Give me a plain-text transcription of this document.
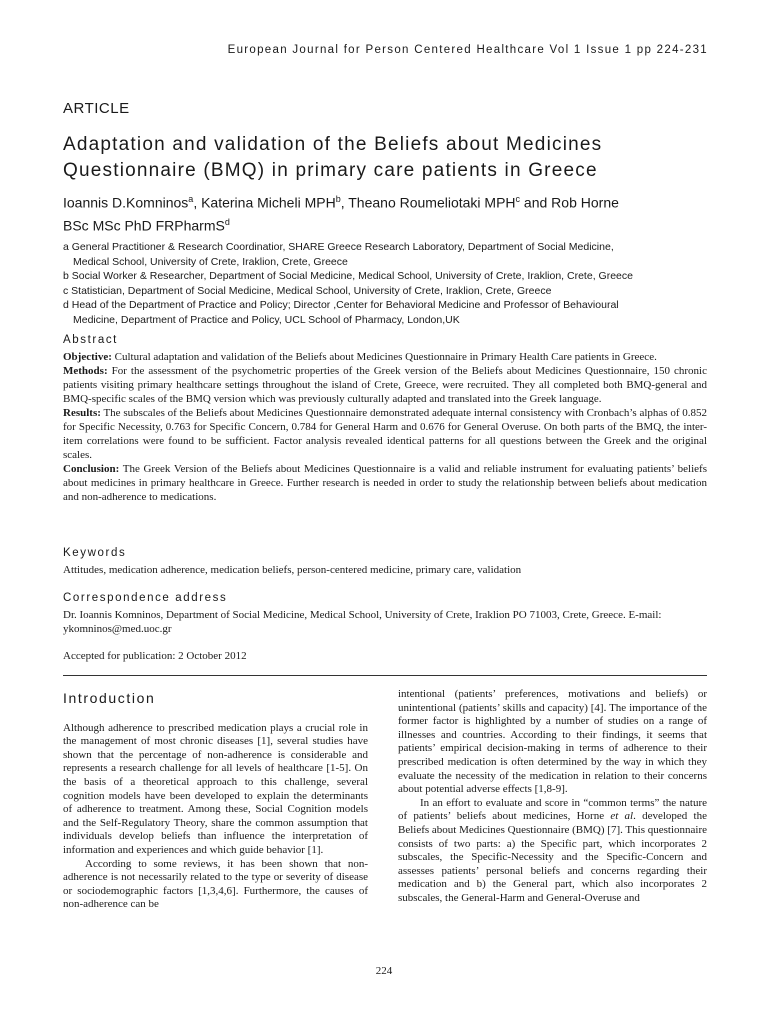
European Journal for Person Centered Healthcare Vol 1 Issue 1 pp 224-231
ARTICLE
Adaptation and validation of the Beliefs about Medicines
Questionnaire (BMQ) in primary care patients in Greece
Ioannis D.Komninos$^a$, Katerina Micheli MPH$^b$, Theano Roumeliotaki MPH$^c$ and Rob Horne
BSc MSc PhD FRPharmS$^d$
a General Practitioner & Research Coordinatior, SHARE Greece Research Laboratory, Department of Social Medicine,
Medical School, University of Crete, Iraklion, Crete, Greece
b Social Worker & Researcher, Department of Social Medicine, Medical School, University of Crete, Iraklion, Crete, Greece
c Statistician, Department of Social Medicine, Medical School, University of Crete, Iraklion, Crete, Greece
d Head of the Department of Practice and Policy; Director ,Center for Behavioral Medicine and Professor of Behavioural
Medicine, Department of Practice and Policy, UCL School of Pharmacy, London,UK
Abstract

Objective: Cultural adaptation and validation of the Beliefs about Medicines Questionnaire in Primary Health Care patients in Greece.

Methods: For the assessment of the psychometric properties of the Greek version of the Beliefs about Medicines Questionnaire, 150 chronic patients visiting primary healthcare settings throughout the island of Crete, Greece, were recruited. They all completed both BMQ-general and BMQ-specific scales of the BMQ version which was previously culturally adapted and translated into the Greek language.

Results: The subscales of the Beliefs about Medicines Questionnaire demonstrated adequate internal consistency with Cronbach’s alphas of 0.852 for Specific Necessity, 0.763 for Specific Concern, 0.784 for General Harm and 0.676 for General Overuse. On both parts of the BMQ, the inter-item correlations were found to be sufficient. Factor analysis revealed identical patterns for all questions between the Greek and the original scales.

Conclusion: The Greek Version of the Beliefs about Medicines Questionnaire is a valid and reliable instrument for evaluating patients’ beliefs about medicines in primary healthcare in Greece. Further research is needed in order to study the relationship between beliefs about medication and non-adherence to medications.

Keywords
Attitudes, medication adherence, medication beliefs, person-centered medicine, primary care, validation
Correspondence address
Dr. Ioannis Komninos, Department of Social Medicine, Medical School, University of Crete, Iraklion PO 71003, Crete, Greece. E-mail: ykomninos@med.uoc.gr
Accepted for publication: 2 October 2012
Introduction

Although adherence to prescribed medication plays a crucial role in the management of most chronic diseases [1], several studies have shown that the percentage of non-adherence is considerable and represents a research challenge for all levels of healthcare [1-5]. On the basis of a theoretical approach to this challenge, several cognition models have been developed to explain the determinants of adherence to treatment. Among these, Social Cognition models and the Self-Regulatory Theory, share the common assumption that individuals develop beliefs than influence the interpretation of information and experiences and which guide behavior [1].

According to some reviews, it has been shown that non-adherence is not necessarily related to the type or severity of disease or sociodemographic factors [1,3,4,6]. Furthermore, the causes of non-adherence can be

intentional (patients’ preferences, motivations and beliefs) or unintentional (patients’ skills and capacity) [4]. The importance of the former factor is highlighted by a number of studies on a range of illnesses and countries. According to their findings, it seems that patients’ empirical decision-making in terms of adherence to their prescribed medication is often determined by the way in which they evaluate the necessity of the medication in relation to their concerns about potential adverse effects [1,8-9].

In an effort to evaluate and score in “common terms” the nature of patients’ beliefs about medicines, Horne et al. developed the Beliefs about Medicines Questionnaire (BMQ) [7]. This questionnaire consists of two parts: a) the Specific part, which incorporates 2 subscales, the Specific-Necessity and the Specific-Concern and assesses patients’ personal beliefs and concerns regarding their medication and b) the General part, which also incorporates 2 subscales, the General-Harm and General-Overuse and

224
